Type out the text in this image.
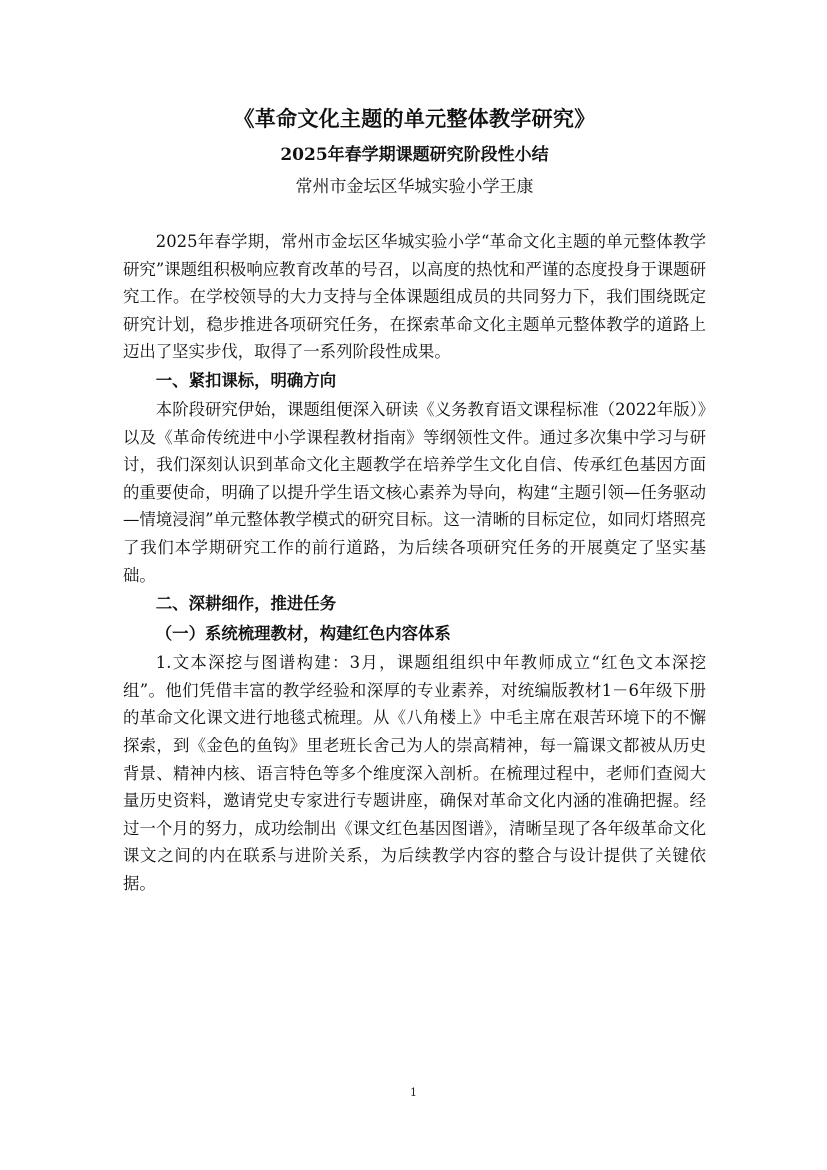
《革命文化主题的单元整体教学研究》
2025年春学期课题研究阶段性小结

常州市金坛区华城实验小学王康

2025年春学期，常州市金坛区华城实验小学“革命文化主题的单元整体教学研究”课题组积极响应教育改革的号召，以高度的热忱和严谨的态度投身于课题研究工作。在学校领导的大力支持与全体课题组成员的共同努力下，我们围绕既定研究计划，稳步推进各项研究任务，在探索革命文化主题单元整体教学的道路上迈出了坚实步伐，取得了一系列阶段性成果。

一、紧扣课标，明确方向

本阶段研究伊始，课题组便深入研读《义务教育语文课程标准（2022年版）》以及《革命传统进中小学课程教材指南》等纲领性文件。通过多次集中学习与研讨，我们深刻认识到革命文化主题教学在培养学生文化自信、传承红色基因方面的重要使命，明确了以提升学生语文核心素养为导向，构建“主题引领—任务驱动—情境浸润”单元整体教学模式的研究目标。这一清晰的目标定位，如同灯塔照亮了我们本学期研究工作的前行道路，为后续各项研究任务的开展奠定了坚实基础。

二、深耕细作，推进任务

（一）系统梳理教材，构建红色内容体系

1.文本深挖与图谱构建：3月，课题组组织中年教师成立“红色文本深挖组”。他们凭借丰富的教学经验和深厚的专业素养，对统编版教材1－6年级下册的革命文化课文进行地毯式梳理。从《八角楼上》中毛主席在艰苦环境下的不懈探索，到《金色的鱼钩》里老班长舍己为人的崇高精神，每一篇课文都被从历史背景、精神内核、语言特色等多个维度深入剖析。在梳理过程中，老师们查阅大量历史资料，邀请党史专家进行专题讲座，确保对革命文化内涵的准确把握。经过一个月的努力，成功绘制出《课文红色基因图谱》，清晰呈现了各年级革命文化课文之间的内在联系与进阶关系，为后续教学内容的整合与设计提供了关键依据。

1
